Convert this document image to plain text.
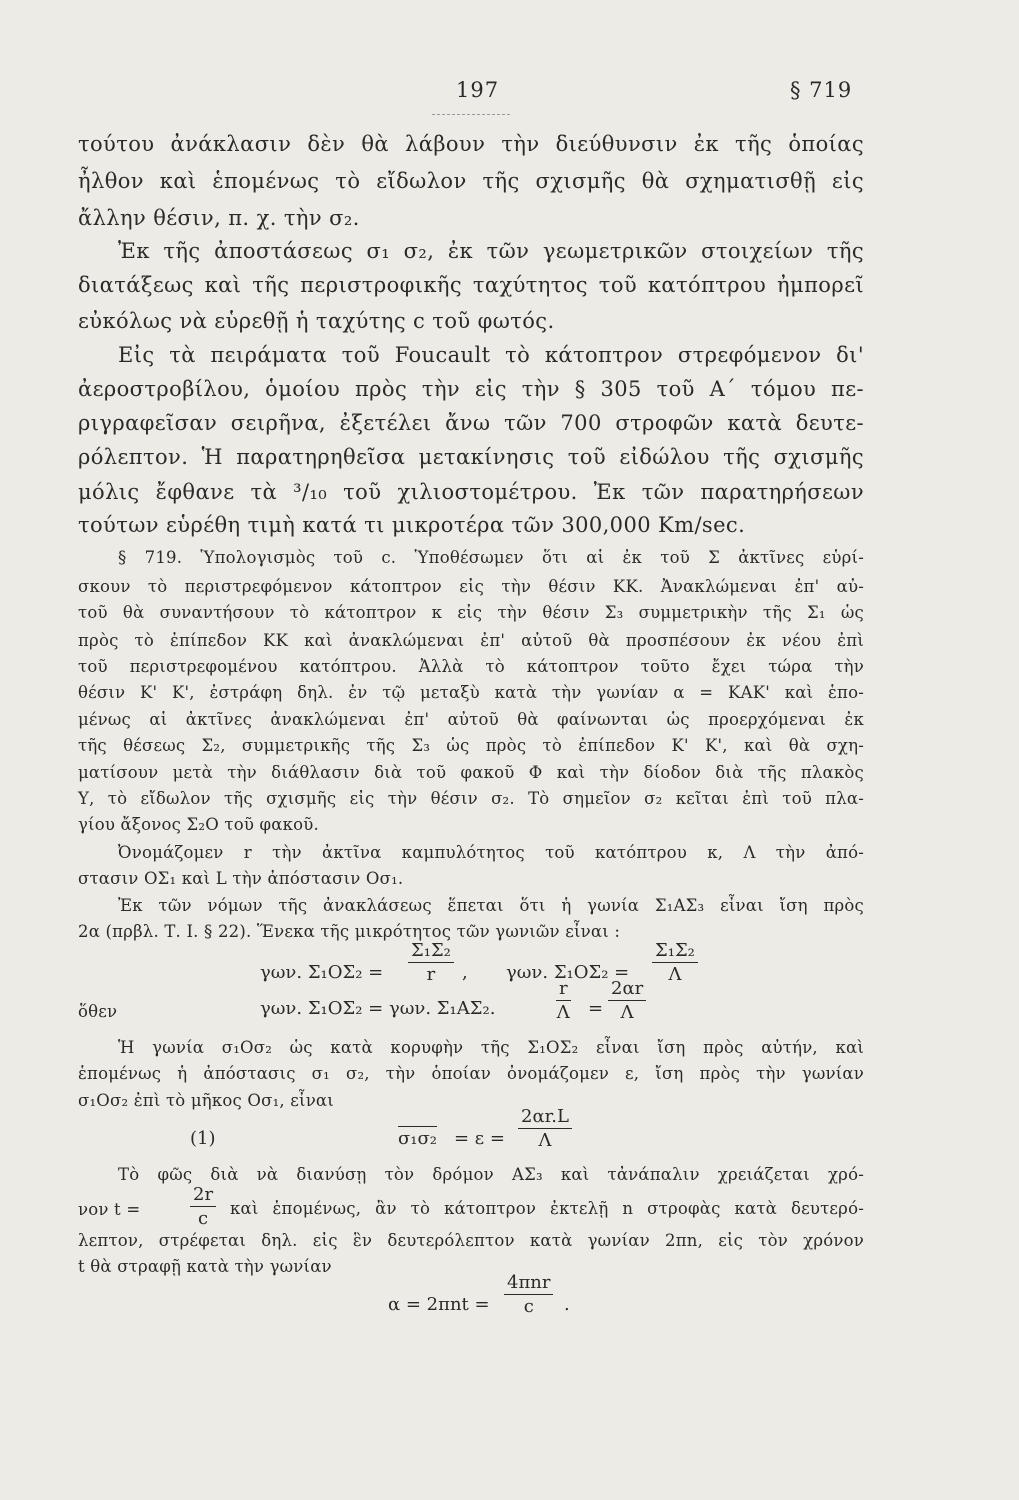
197	§ 719
τούτου ἀνάκλασιν δὲν θὰ λάβουν τὴν διεύθυνσιν ἐκ τῆς ὁποίας
ἦλθον καὶ ἑπομένως τὸ εἴδωλον τῆς σχισμῆς θὰ σχηματισθῇ εἰς
ἄλλην θέσιν, π. χ. τὴν σ₂.
Ἐκ τῆς ἀποστάσεως σ₁ σ₂, ἐκ τῶν γεωμετρικῶν στοιχείων τῆς
διατάξεως καὶ τῆς περιστροφικῆς ταχύτητος τοῦ κατόπτρου ἠμπορεῖ
εὐκόλως νὰ εὑρεθῇ ἡ ταχύτης c τοῦ φωτός.
Εἰς τὰ πειράματα τοῦ Foucault τὸ κάτοπτρον στρεφόμενον δι'
ἀεροστροβίλου, ὁμοίου πρὸς τὴν εἰς τὴν § 305 τοῦ Α΄ τόμου πε-
ριγραφεῖσαν σειρῆνα, ἐξετέλει ἄνω τῶν 700 στροφῶν κατὰ δευτε-
ρόλεπτον. Ἡ παρατηρηθεῖσα μετακίνησις τοῦ εἰδώλου τῆς σχισμῆς
μόλις ἔφθανε τὰ ³/₁₀ τοῦ χιλιοστομέτρου. Ἐκ τῶν παρατηρήσεων
τούτων εὑρέθη τιμὴ κατά τι μικροτέρα τῶν 300,000 Km/sec.
§ 719. Ὑπολογισμὸς τοῦ c. Ὑποθέσωμεν ὅτι αἱ ἐκ τοῦ Σ ἀκτῖνες εὑρί-
σκουν τὸ περιστρεφόμενον κάτοπτρον εἰς τὴν θέσιν ΚΚ. Ἀνακλώμεναι ἐπ' αὐ-
τοῦ θὰ συναντήσουν τὸ κάτοπτρον κ εἰς τὴν θέσιν Σ₃ συμμετρικὴν τῆς Σ₁ ὡς
πρὸς τὸ ἐπίπεδον ΚΚ καὶ ἀνακλώμεναι ἐπ' αὐτοῦ θὰ προσπέσουν ἐκ νέου ἐπὶ
τοῦ περιστρεφομένου κατόπτρου. Ἀλλὰ τὸ κάτοπτρον τοῦτο ἔχει τώρα τὴν
θέσιν Κ' Κ', ἐστράφη δηλ. ἐν τῷ μεταξὺ κατὰ τὴν γωνίαν α = ΚΑΚ' καὶ ἑπο-
μένως αἱ ἀκτῖνες ἀνακλώμεναι ἐπ' αὐτοῦ θὰ φαίνωνται ὡς προερχόμεναι ἐκ
τῆς θέσεως Σ₂, συμμετρικῆς τῆς Σ₃ ὡς πρὸς τὸ ἐπίπεδον Κ' Κ', καὶ θὰ σχη-
ματίσουν μετὰ τὴν διάθλασιν διὰ τοῦ φακοῦ Φ καὶ τὴν δίοδον διὰ τῆς πλακὸς
Υ, τὸ εἴδωλον τῆς σχισμῆς εἰς τὴν θέσιν σ₂. Τὸ σημεῖον σ₂ κεῖται ἐπὶ τοῦ πλα-
γίου ἄξονος Σ₂Ο τοῦ φακοῦ.
Ὀνομάζομεν r τὴν ἀκτῖνα καμπυλότητος τοῦ κατόπτρου κ, Λ τὴν ἀπό-
στασιν ΟΣ₁ καὶ L τὴν ἀπόστασιν Οσ₁.
Ἐκ τῶν νόμων τῆς ἀνακλάσεως ἕπεται ὅτι ἡ γωνία Σ₁ΑΣ₃ εἶναι ἴση πρὸς
2α (πρβλ. Τ. Ι. § 22). Ἕνεκα τῆς μικρότητος τῶν γωνιῶν εἶναι :
γων. $\Sigma_1O\Sigma_2 = \frac{\text{Σ₁Σ₂}}{r}$ , γων. $\Sigma_1O\Sigma_2 = \frac{\text{Σ₁Σ₂}}{\Lambda}$
ὅθεν	γων. Σ₁ΟΣ₂ = γων. Σ₁ΑΣ₂.	$\frac{r}{\Lambda} = \frac{2\alpha r}{\Lambda}$
Ἡ γωνία σ₁Οσ₂ ὡς κατὰ κορυφὴν τῆς Σ₁ΟΣ₂ εἶναι ἴση πρὸς αὐτήν, καὶ
ἑπομένως ἡ ἀπόστασις σ₁ σ₂, τὴν ὁποίαν ὀνομάζομεν ε, ἴση πρὸς τὴν γωνίαν
σ₁Οσ₂ ἐπὶ τὸ μῆκος Οσ₁, εἶναι
(1)	$\sigma_1\sigma_2 = \varepsilon = \frac{2\alpha r.L}{\Lambda}$
Τὸ φῶς διὰ νὰ διανύσῃ τὸν δρόμον ΑΣ₃ καὶ τἀνάπαλιν χρειάζεται χρό-
νον t =	$\frac{2r}{c}$ καὶ ἑπομένως, ἂν τὸ κάτοπτρον ἐκτελῇ n στροφὰς κατὰ δευτερό-
λεπτον, στρέφεται δηλ. εἰς ἓν δευτερόλεπτον κατὰ γωνίαν 2πn, εἰς τὸν χρόνον
t θὰ στραφῇ κατὰ τὴν γωνίαν
α = 2πnt =
4πnr
c	.
